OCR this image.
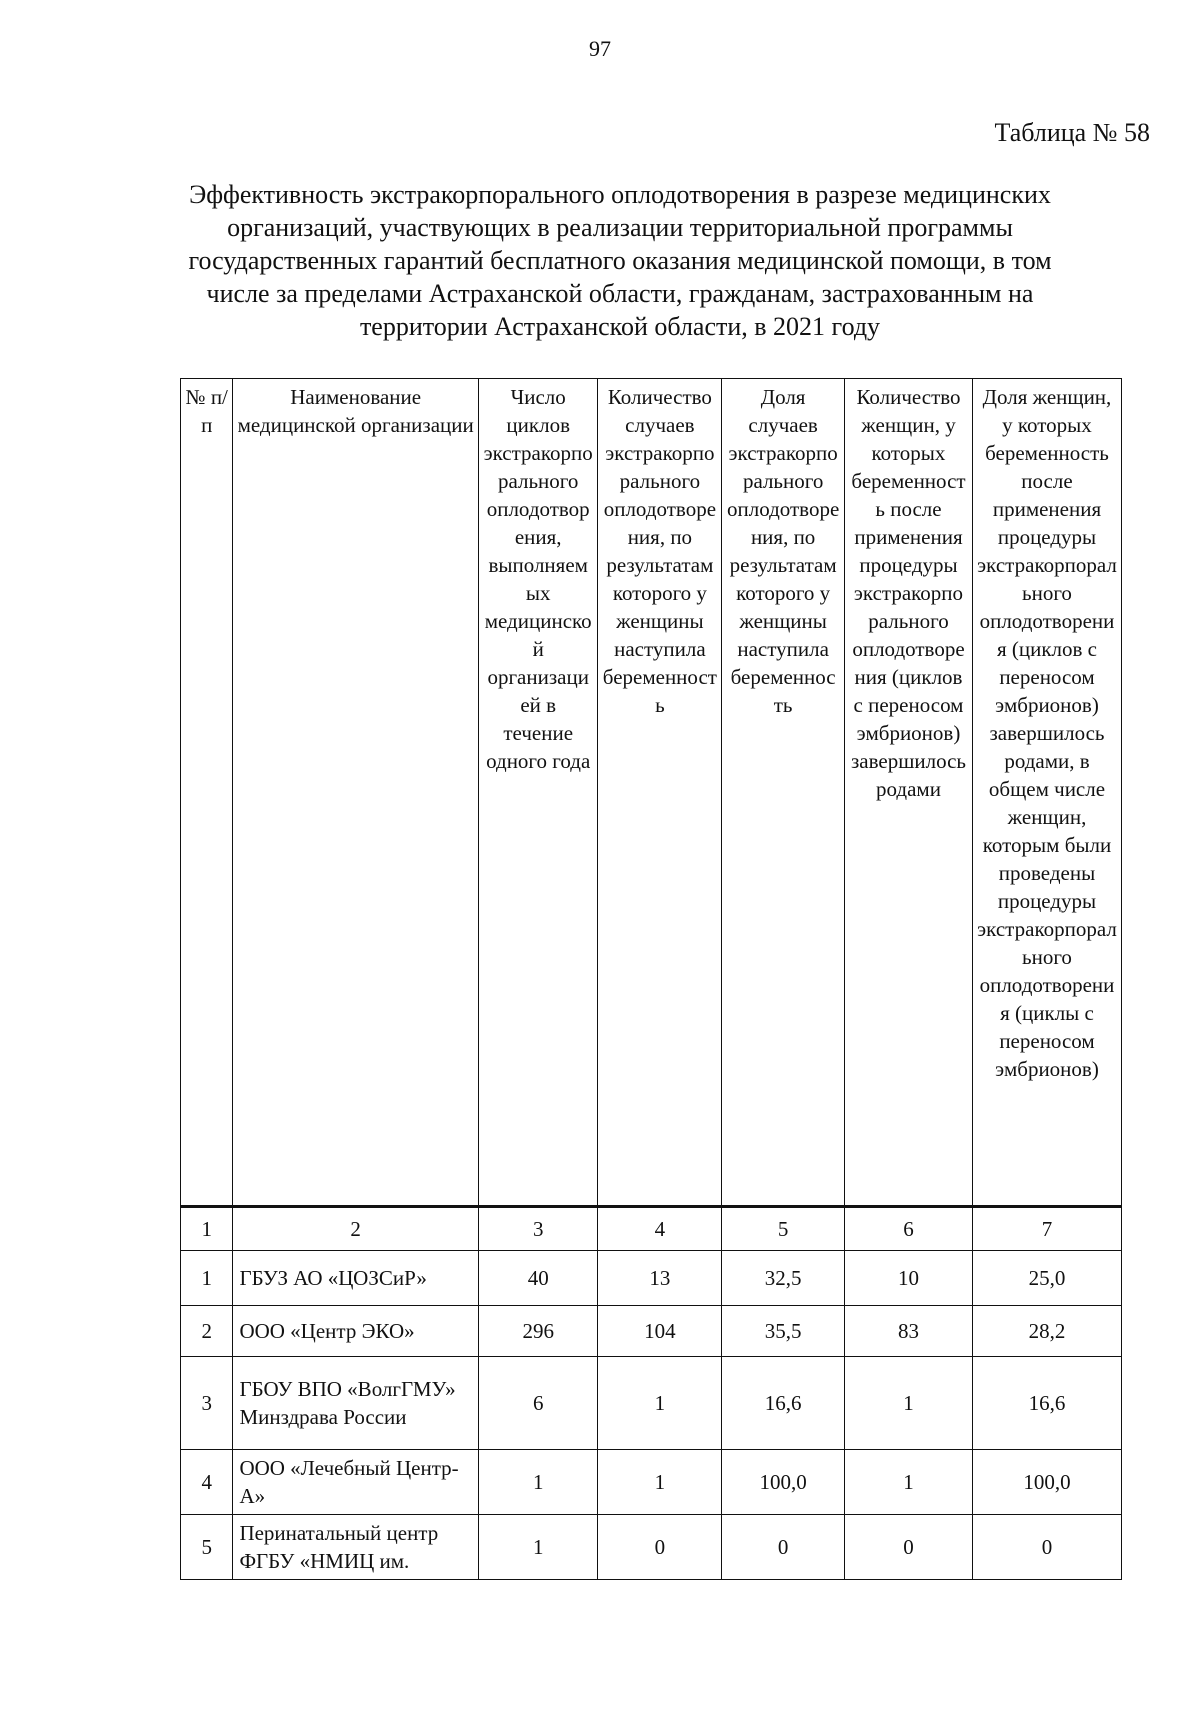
97
Таблица № 58
Эффективность экстракорпорального оплодотворения в разрезе медицинских организаций, участвующих в реализации территориальной программы государственных гарантий бесплатного оказания медицинской помощи, в том числе за пределами Астраханской области, гражданам, застрахованным на территории Астраханской области, в 2021 году
№ п/п	Наименование медицинской организации	Число циклов экстракорпорального оплодотворения, выполняемых медицинской организацией в течение одного года	Количество случаев экстракорпорального оплодотворения, по результатам которого у женщины наступила беременность	Доля случаев экстракорпорального оплодотворения, по результатам которого у женщины наступила беременность	Количество женщин, у которых беременность после применения процедуры экстракорпорального оплодотворения (циклов с переносом эмбрионов) завершилось родами	Доля женщин, у которых беременность после применения процедуры экстракорпорального оплодотворения (циклов с переносом эмбрионов) завершилось родами, в общем числе женщин, которым были проведены процедуры экстракорпорального оплодотворения (циклы с переносом эмбрионов)
1	2	3	4	5	6	7
1	ГБУЗ АО «ЦОЗСиР»	40	13	32,5	10	25,0
2	ООО «Центр ЭКО»	296	104	35,5	83	28,2
3	ГБОУ ВПО «ВолгГМУ» Минздрава России	6	1	16,6	1	16,6
4	ООО «Лечебный Центр-А»	1	1	100,0	1	100,0
5	Перинатальный центр ФГБУ «НМИЦ им.	1	0	0	0	0
